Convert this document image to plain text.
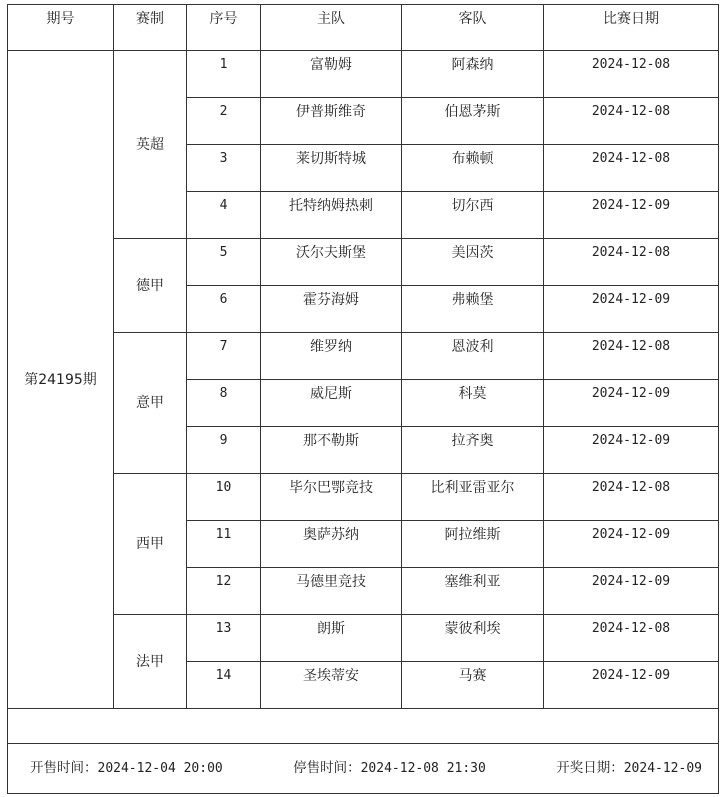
期号	赛制	序号	主队	客队	比赛日期
第24195期	英超	1	富勒姆	阿森纳	2024-12-08
		2	伊普斯维奇	伯恩茅斯	2024-12-08
		3	莱切斯特城	布赖顿	2024-12-08
		4	托特纳姆热刺	切尔西	2024-12-09
	德甲	5	沃尔夫斯堡	美因茨	2024-12-08
		6	霍芬海姆	弗赖堡	2024-12-09
	意甲	7	维罗纳	恩波利	2024-12-08
		8	威尼斯	科莫	2024-12-09
		9	那不勒斯	拉齐奥	2024-12-09
	西甲	10	毕尔巴鄂竞技	比利亚雷亚尔	2024-12-08
		11	奥萨苏纳	阿拉维斯	2024-12-09
		12	马德里竞技	塞维利亚	2024-12-09
	法甲	13	朗斯	蒙彼利埃	2024-12-08
		14	圣埃蒂安	马赛	2024-12-09

开售时间：2024-12-04 20:00 停售时间：2024-12-08 21:30 开奖日期：2024-12-09					
